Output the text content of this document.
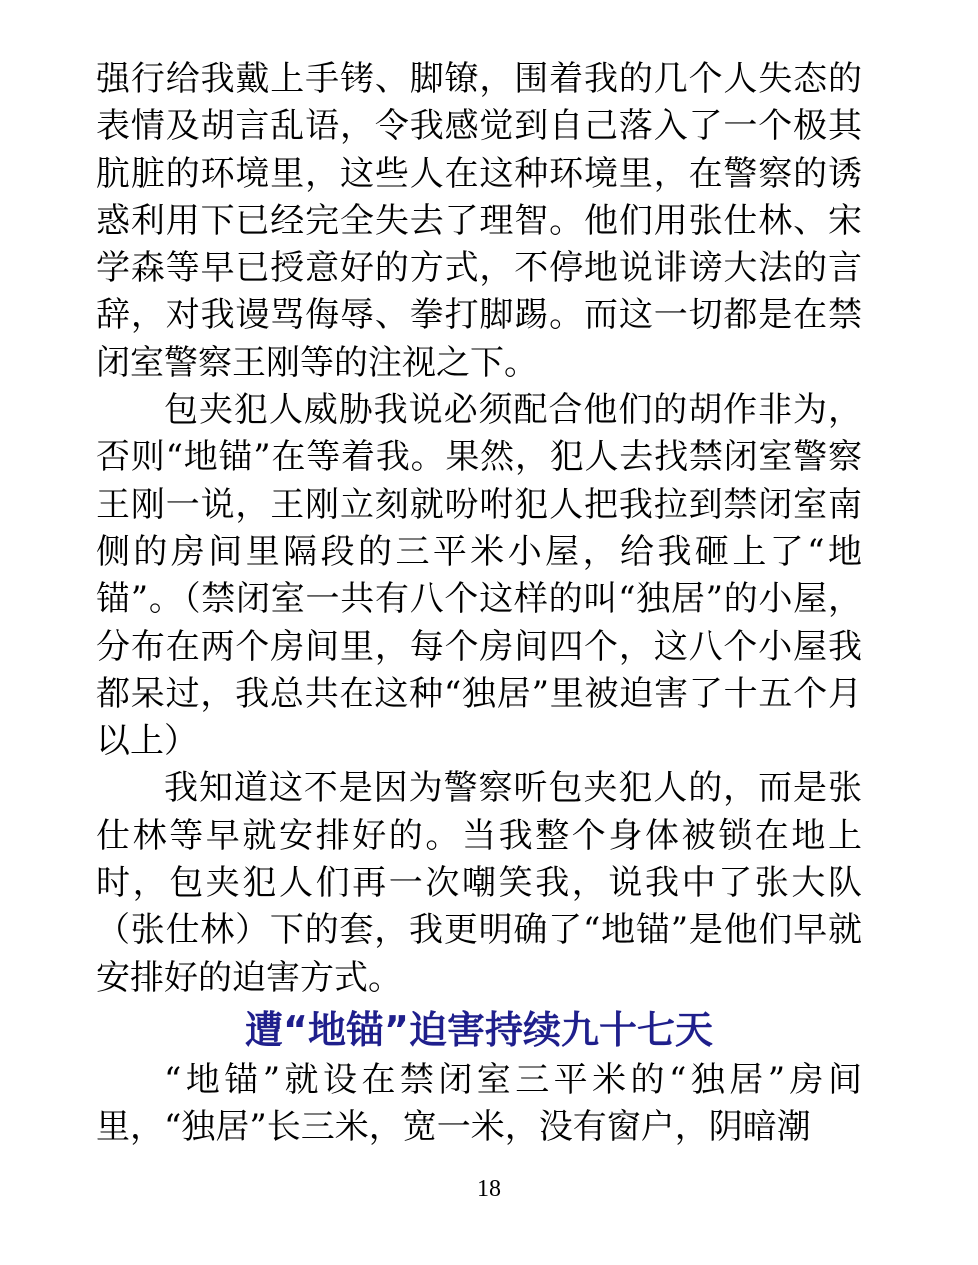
强行给我戴上手铐、脚镣，围着我的几个人失态的表情及胡言乱语，令我感觉到自己落入了一个极其肮脏的环境里，这些人在这种环境里，在警察的诱惑利用下已经完全失去了理智。他们用张仕林、宋学森等早已授意好的方式，不停地说诽谤大法的言辞，对我谩骂侮辱、拳打脚踢。而这一切都是在禁闭室警察王刚等的注视之下。

包夹犯人威胁我说必须配合他们的胡作非为，否则“地锚”在等着我。果然，犯人去找禁闭室警察王刚一说，王刚立刻就吩咐犯人把我拉到禁闭室南侧的房间里隔段的三平米小屋，给我砸上了“地锚”。（禁闭室一共有八个这样的叫“独居”的小屋，分布在两个房间里，每个房间四个，这八个小屋我都呆过，我总共在这种“独居”里被迫害了十五个月以上）

我知道这不是因为警察听包夹犯人的，而是张仕林等早就安排好的。当我整个身体被锁在地上时，包夹犯人们再一次嘲笑我，说我中了张大队（张仕林）下的套，我更明确了“地锚”是他们早就安排好的迫害方式。

遭“地锚”迫害持续九十七天

“地锚”就设在禁闭室三平米的“独居”房间里，“独居”长三米，宽一米，没有窗户，阴暗潮

18
